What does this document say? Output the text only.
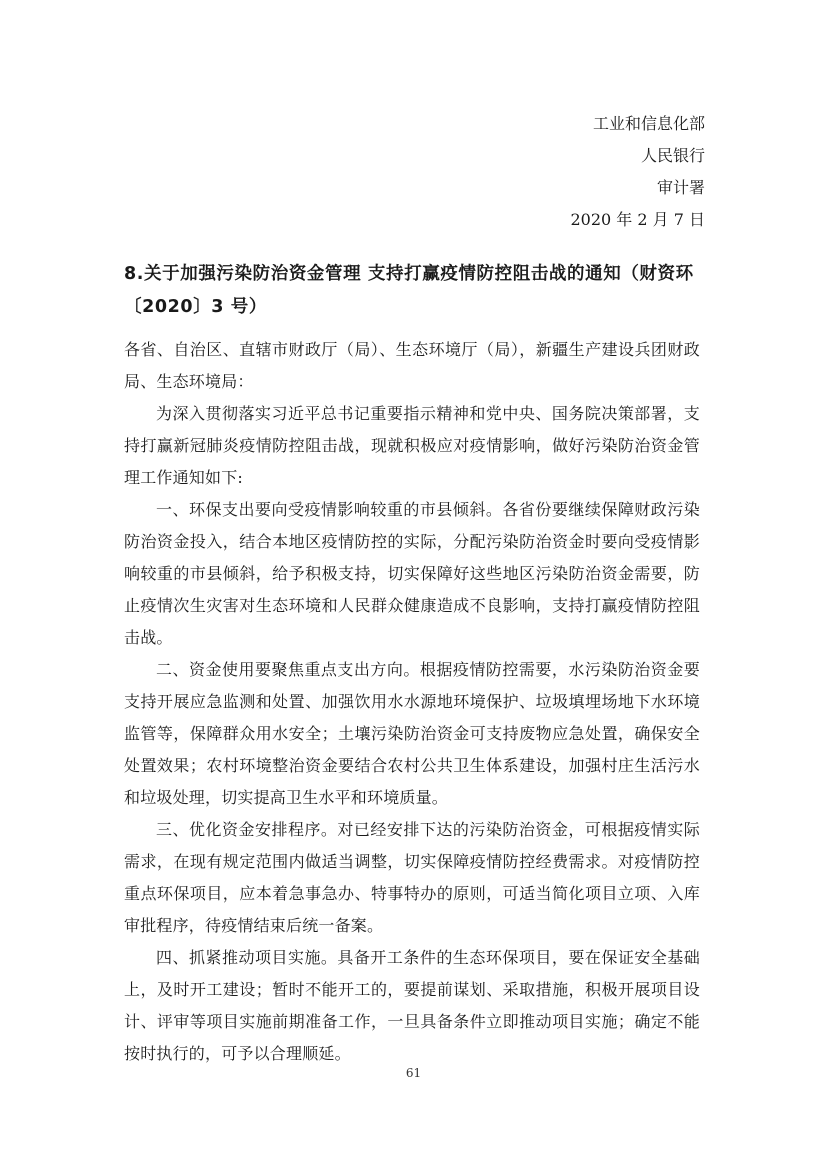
工业和信息化部
人民银行
审计署
2020 年 2 月 7 日
8.关于加强污染防治资金管理 支持打赢疫情防控阻击战的通知（财资环〔2020〕3 号）

各省、自治区、直辖市财政厅（局）、生态环境厅（局），新疆生产建设兵团财政局、生态环境局：

为深入贯彻落实习近平总书记重要指示精神和党中央、国务院决策部署，支持打赢新冠肺炎疫情防控阻击战，现就积极应对疫情影响，做好污染防治资金管理工作通知如下:

一、环保支出要向受疫情影响较重的市县倾斜。各省份要继续保障财政污染防治资金投入，结合本地区疫情防控的实际，分配污染防治资金时要向受疫情影响较重的市县倾斜，给予积极支持，切实保障好这些地区污染防治资金需要，防止疫情次生灾害对生态环境和人民群众健康造成不良影响，支持打赢疫情防控阻击战。

二、资金使用要聚焦重点支出方向。根据疫情防控需要，水污染防治资金要支持开展应急监测和处置、加强饮用水水源地环境保护、垃圾填埋场地下水环境监管等，保障群众用水安全；土壤污染防治资金可支持废物应急处置，确保安全处置效果；农村环境整治资金要结合农村公共卫生体系建设，加强村庄生活污水和垃圾处理，切实提高卫生水平和环境质量。

三、优化资金安排程序。对已经安排下达的污染防治资金，可根据疫情实际需求，在现有规定范围内做适当调整，切实保障疫情防控经费需求。对疫情防控重点环保项目，应本着急事急办、特事特办的原则，可适当简化项目立项、入库审批程序，待疫情结束后统一备案。

四、抓紧推动项目实施。具备开工条件的生态环保项目，要在保证安全基础上，及时开工建设；暂时不能开工的，要提前谋划、采取措施，积极开展项目设计、评审等项目实施前期准备工作，一旦具备条件立即推动项目实施；确定不能按时执行的，可予以合理顺延。

61
